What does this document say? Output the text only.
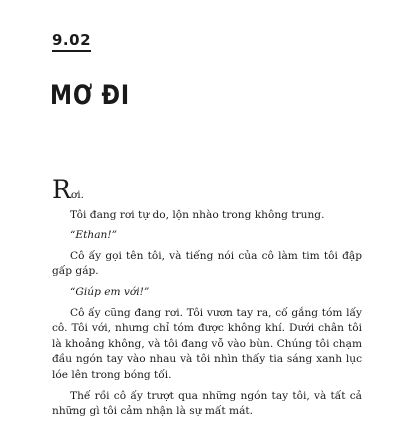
9.02
MƠ ĐI
Rơi.

Tôi đang rơi tự do, lộn nhào trong không trung.

“Ethan!”

Cô ấy gọi tên tôi, và tiếng nói của cô làm tim tôi đập gấp gáp.

“Giúp em với!”

Cô ấy cũng đang rơi. Tôi vươn tay ra, cố gắng tóm lấy cô. Tôi với, nhưng chỉ tóm được không khí. Dưới chân tôi là khoảng không, và tôi đang vỗ vào bùn. Chúng tôi chạm đầu ngón tay vào nhau và tôi nhìn thấy tia sáng xanh lục lóe lên trong bóng tối.

Thế rồi cô ấy trượt qua những ngón tay tôi, và tất cả những gì tôi cảm nhận là sự mất mát.
